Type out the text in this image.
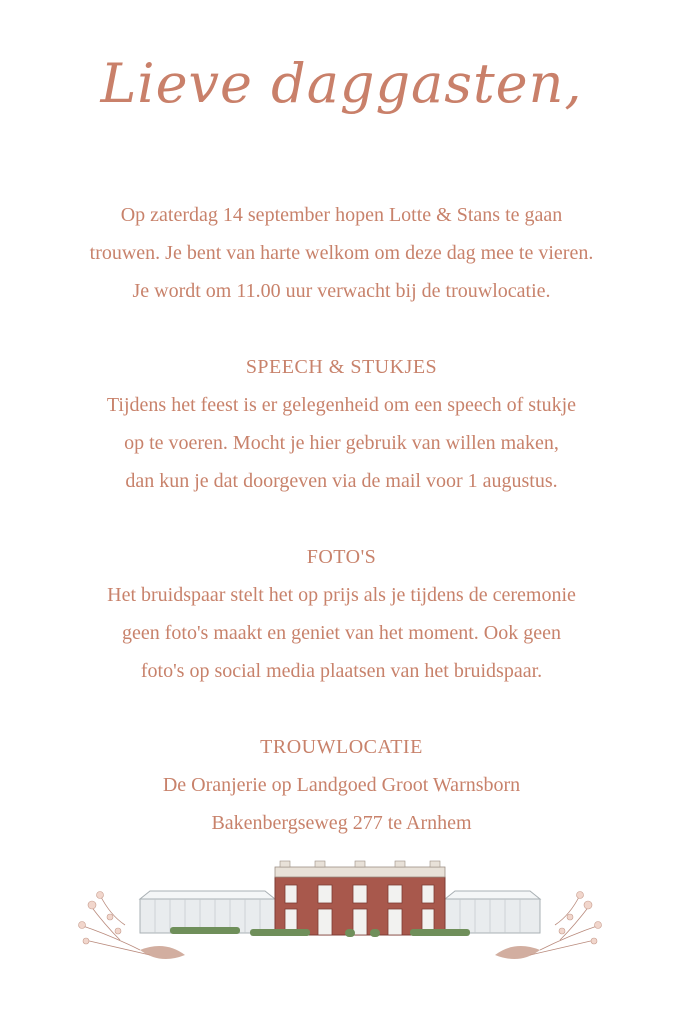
Lieve daggasten,
Op zaterdag 14 september hopen Lotte & Stans te gaan
trouwen. Je bent van harte welkom om deze dag mee te vieren.
Je wordt om 11.00 uur verwacht bij de trouwlocatie.
SPEECH & STUKJES
Tijdens het feest is er gelegenheid om een speech of stukje
op te voeren. Mocht je hier gebruik van willen maken,
dan kun je dat doorgeven via de mail voor 1 augustus.
FOTO'S
Het bruidspaar stelt het op prijs als je tijdens de ceremonie
geen foto's maakt en geniet van het moment. Ook geen
foto's op social media plaatsen van het bruidspaar.
TROUWLOCATIE
De Oranjerie op Landgoed Groot Warnsborn
Bakenbergseweg 277 te Arnhem
